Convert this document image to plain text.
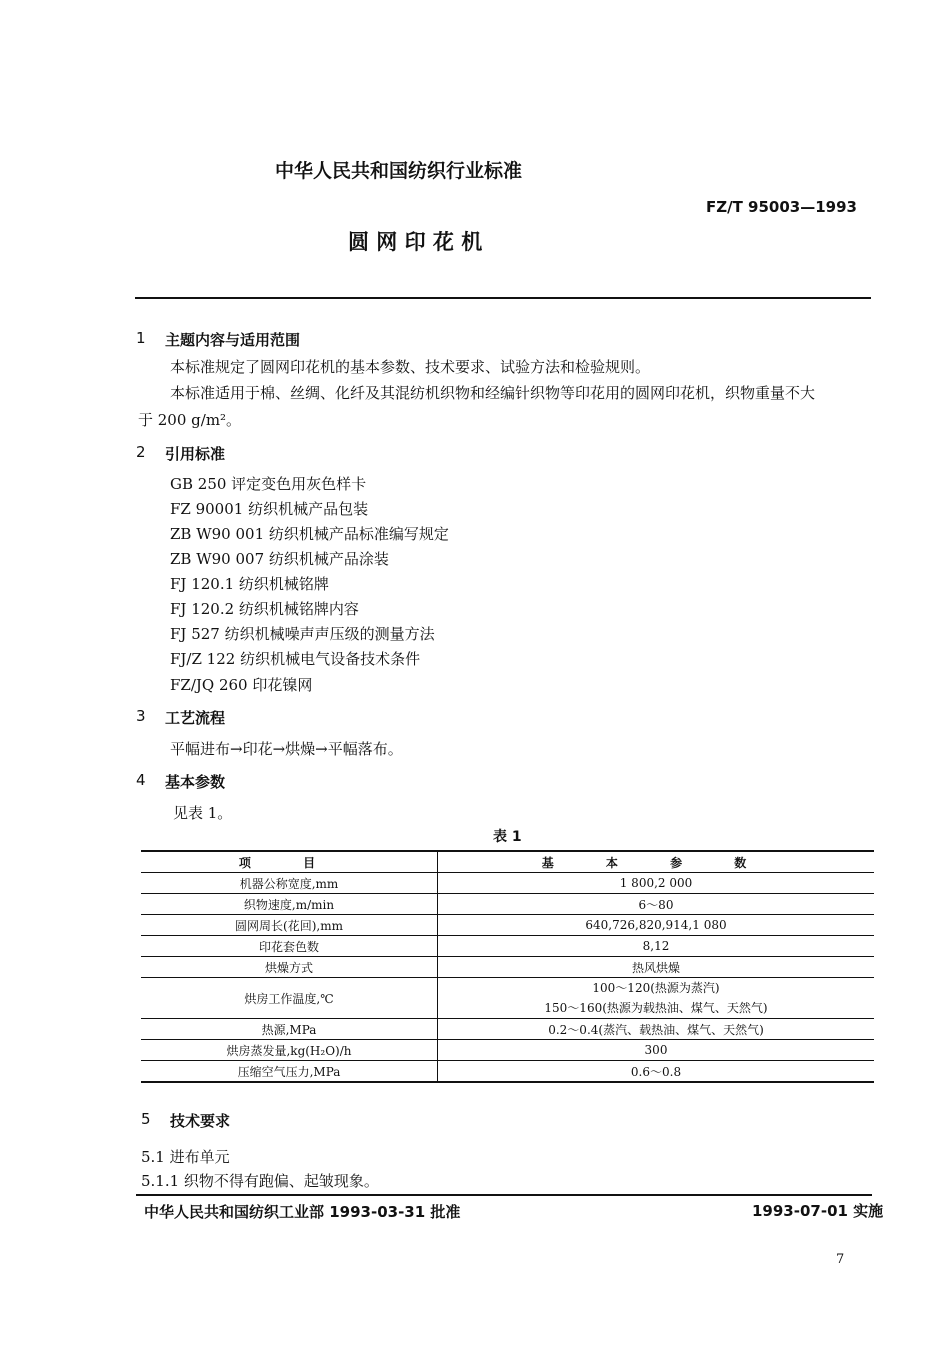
中华人民共和国纺织行业标准
FZ/T 95003—1993
圆 网 印 花 机
1 主题内容与适用范围
本标准规定了圆网印花机的基本参数、技术要求、试验方法和检验规则。
本标准适用于棉、丝绸、化纤及其混纺机织物和经编针织物等印花用的圆网印花机，织物重量不大
于 200 g/m²。
2 引用标准
GB 250 评定变色用灰色样卡
FZ 90001 纺织机械产品包装
ZB W90 001 纺织机械产品标准编写规定
ZB W90 007 纺织机械产品涂装
FJ 120.1 纺织机械铭牌
FJ 120.2 纺织机械铭牌内容
FJ 527 纺织机械噪声声压级的测量方法
FJ/Z 122 纺织机械电气设备技术条件
FZ/JQ 260 印花镍网
3 工艺流程
平幅进布→印花→烘燥→平幅落布。
4 基本参数
见表 1。
表 1
项 目	基 本 参 数
机器公称宽度,mm	1 800,2 000
织物速度,m/min	6～80
圆网周长(花回),mm	640,726,820,914,1 080
印花套色数	8,12
烘燥方式	热风烘燥
烘房工作温度,℃	100～120(热源为蒸汽)
150～160(热源为载热油、煤气、天然气)

热源,MPa	0.2～0.4(蒸汽、载热油、煤气、天然气)
烘房蒸发量,kg(H₂O)/h	300
压缩空气压力,MPa	0.6～0.8
5 技术要求
5.1 进布单元
5.1.1 织物不得有跑偏、起皱现象。
中华人民共和国纺织工业部 1993-03-31 批准	1993-07-01 实施
7
